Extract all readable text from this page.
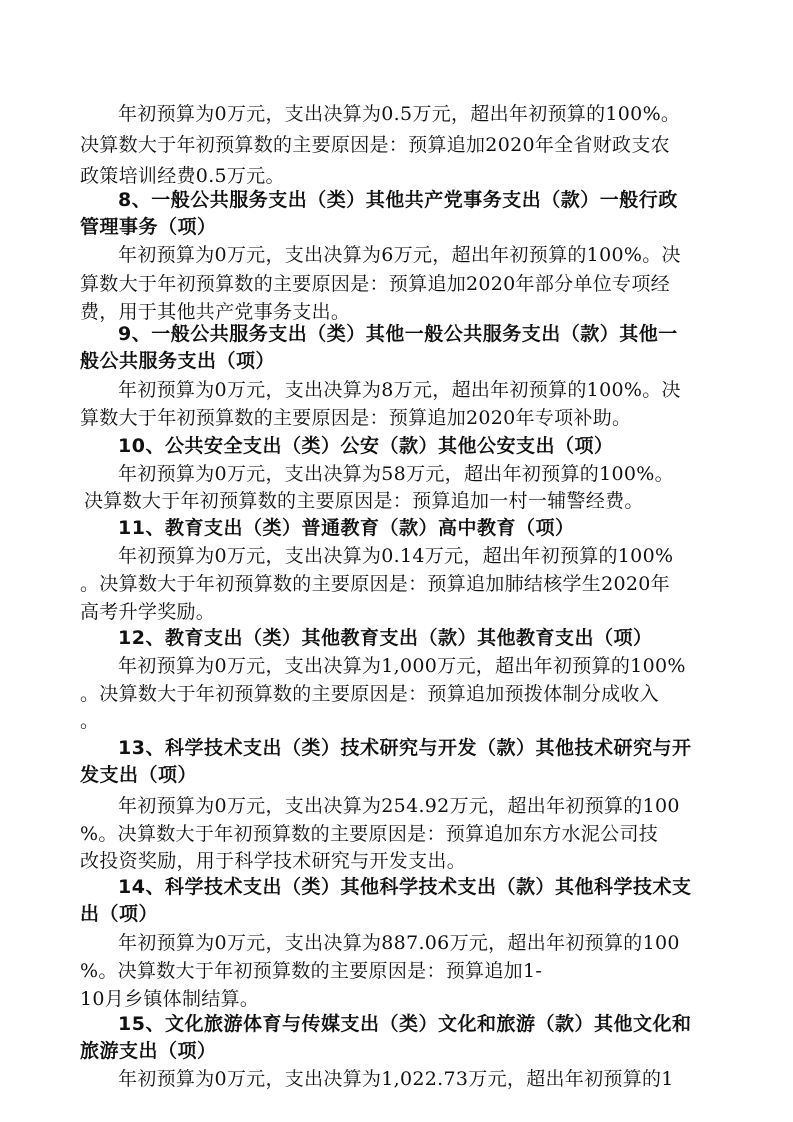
年初预算为0万元，支出决算为0.5万元，超出年初预算的100%。
决算数大于年初预算数的主要原因是：预算追加2020年全省财政支农
政策培训经费0.5万元。
8、一般公共服务支出（类）其他共产党事务支出（款）一般行政
管理事务（项）
年初预算为0万元，支出决算为6万元，超出年初预算的100%。决
算数大于年初预算数的主要原因是：预算追加2020年部分单位专项经
费，用于其他共产党事务支出。
9、一般公共服务支出（类）其他一般公共服务支出（款）其他一
般公共服务支出（项）
年初预算为0万元，支出决算为8万元，超出年初预算的100%。决
算数大于年初预算数的主要原因是：预算追加2020年专项补助。
10、公共安全支出（类）公安（款）其他公安支出（项）
年初预算为0万元，支出决算为58万元，超出年初预算的100%。
决算数大于年初预算数的主要原因是：预算追加一村一辅警经费。
11、教育支出（类）普通教育（款）高中教育（项）
年初预算为0万元，支出决算为0.14万元，超出年初预算的100%
。决算数大于年初预算数的主要原因是：预算追加肺结核学生2020年
高考升学奖励。
12、教育支出（类）其他教育支出（款）其他教育支出（项）
年初预算为0万元，支出决算为1,000万元，超出年初预算的100%
。决算数大于年初预算数的主要原因是：预算追加预拨体制分成收入
。
13、科学技术支出（类）技术研究与开发（款）其他技术研究与开
发支出（项）
年初预算为0万元，支出决算为254.92万元，超出年初预算的100
%。决算数大于年初预算数的主要原因是：预算追加东方水泥公司技
改投资奖励，用于科学技术研究与开发支出。
14、科学技术支出（类）其他科学技术支出（款）其他科学技术支
出（项）
年初预算为0万元，支出决算为887.06万元，超出年初预算的100
%。决算数大于年初预算数的主要原因是：预算追加1-
10月乡镇体制结算。
15、文化旅游体育与传媒支出（类）文化和旅游（款）其他文化和
旅游支出（项）
年初预算为0万元，支出决算为1,022.73万元，超出年初预算的1
